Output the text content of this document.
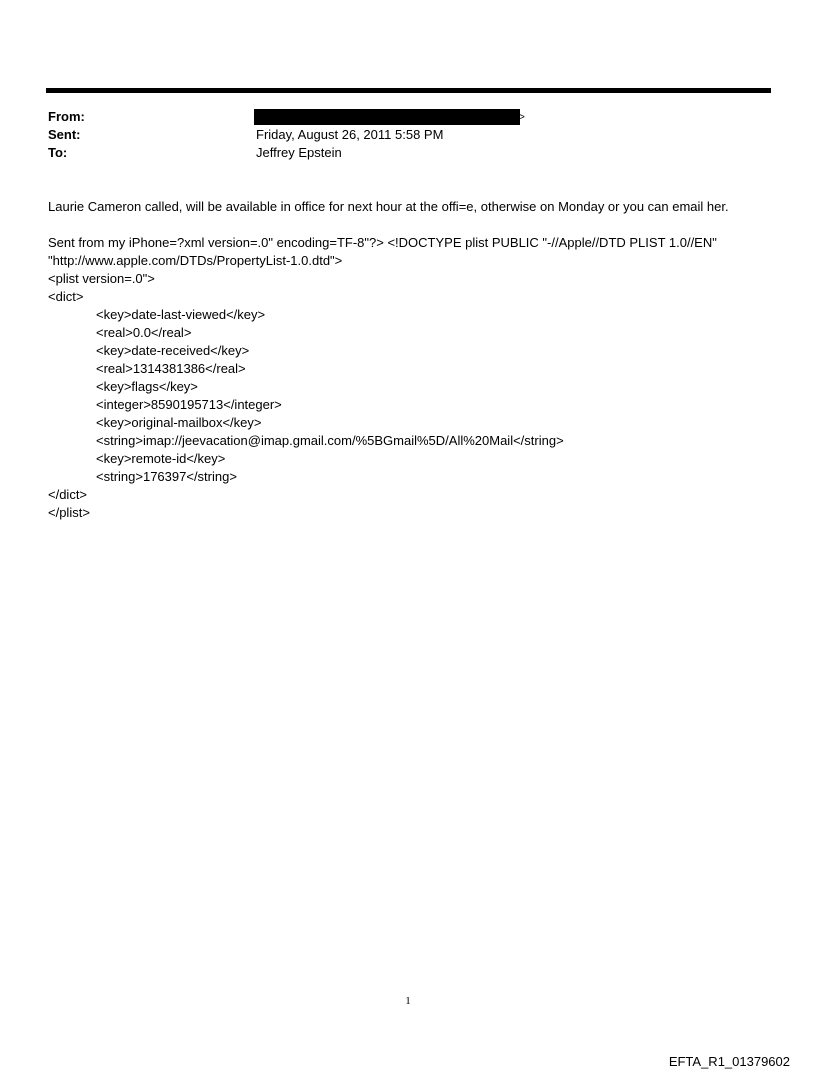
From:	>
Sent:	Friday, August 26, 2011 5:58 PM
To:	Jeffrey Epstein

Laurie Cameron called, will be available in office for next hour at the offi=e, otherwise on Monday or you can email her.

Sent from my iPhone=?xml version=.0" encoding=TF-8"?> <!DOCTYPE plist PUBLIC "-//Apple//DTD PLIST 1.0//EN"
"http://www.apple.com/DTDs/PropertyList-1.0.dtd">
<plist version=.0">
<dict>
<key>date-last-viewed</key>
<real>0.0</real>
<key>date-received</key>
<real>1314381386</real>
<key>flags</key>
<integer>8590195713</integer>
<key>original-mailbox</key>
<string>imap://jeevacation@imap.gmail.com/%5BGmail%5D/All%20Mail</string>
<key>remote-id</key>
<string>176397</string>
</dict>
</plist>
1
EFTA_R1_01379602
